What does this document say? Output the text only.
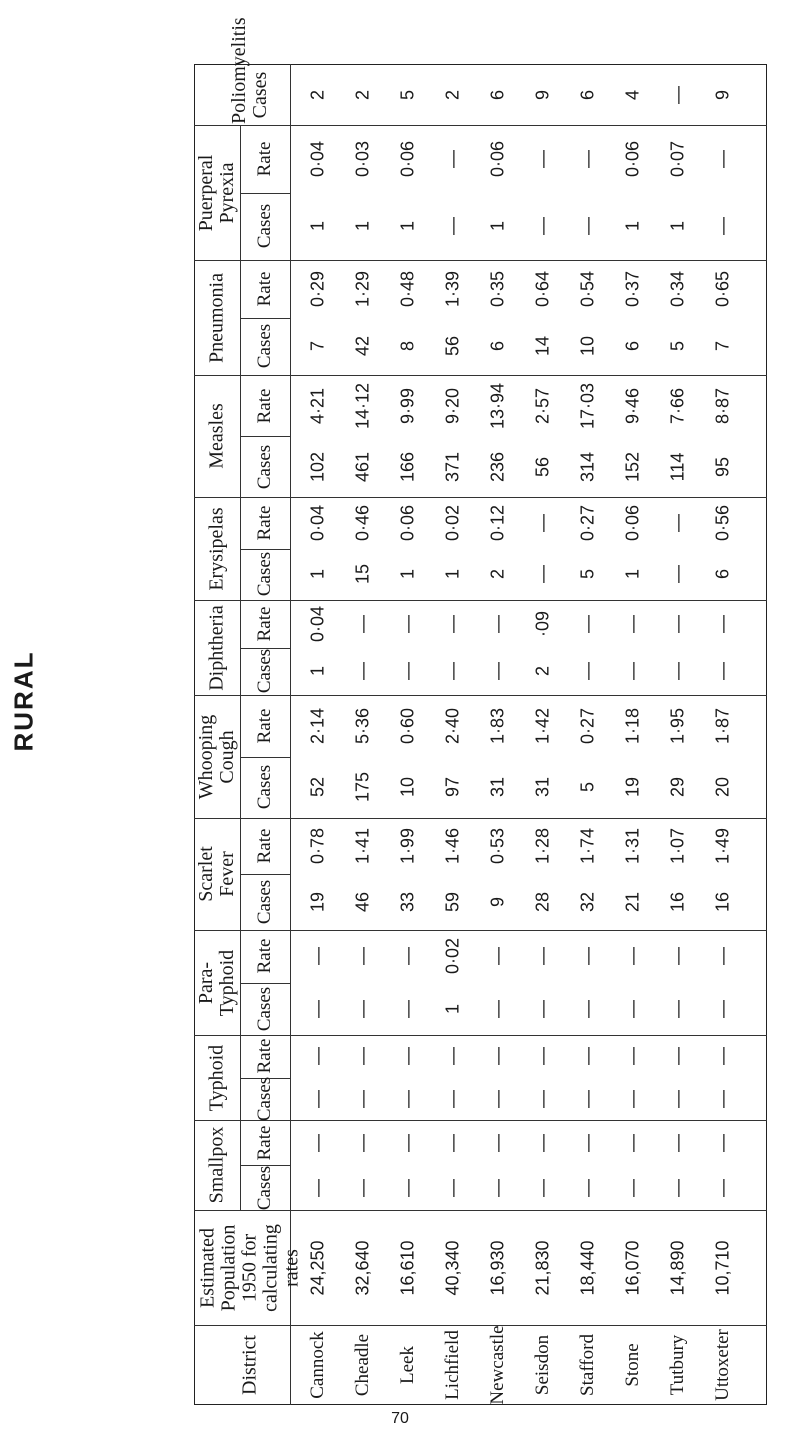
RURAL
Poliomyelitis Cases 2 2 5 2 6 9 6 4 — 9
Puerperal Pyrexia
Rate
Cases
0·04
1
0·03
1
0·06
1
—
—
0·06
1
—
—
—
—
0·06
1
0·07
1
—
—
Pneumonia Rate
Cases
0·29
7
1·29
42
0·48
8
1·39
56
0·35
6
0·64
14
0·54
10
0·37
6
0·34
5
0·65
7
Measles Rate
Cases
4·21
102
14·12
461
9·99
166
9·20
371
13·94
236
2·57
56
17·03
314
9·46
152
7·66
114
8·87
95
Erysipelas Rate
Cases
0·04
1
0·46
15
0·06
1
0·02
1
0·12
2
—
—
0·27
5
0·06
1
—
—
0·56
6
Diphtheria Rate
Cases
0·04
1
—
—
—
—
—
—
—
—
·09
2
—
—
—
—
—
—
—
—
Whooping Cough
Rate
Cases
2·14
52
5·36
175
0·60
10
2·40
97
1·83
31
1·42
31
0·27
5
1·18
19
1·95
29
1·87
20
Scarlet Fever
Rate
Cases
0·78
19
1·41
46
1·99
33
1·46
59
0·53
9
1·28
28
1·74
32
1·31
21
1·07
16
1·49
16
Para-Typhoid Rate
Cases
—
—
—
—
—
—
0·02
1
—
—
—
—
—
—
—
—
—
—
—
—
Typhoid Rate
Cases
—
—
—
—
—
—
—
—
—
—
—
—
—
—
—
—
—
—
—
—
Smallpox Rate
Cases
—
—
—
—
—
—
—
—
—
—
—
—
—
—
—
—
—
—
—
—
Estimated Population 1950 for calculating rates 24,250 32,640 16,610 40,340 16,930 21,830 18,440 16,070 14,890 10,710
District Cannock Cheadle Leek Lichfield Newcastle Seisdon Stafford Stone Tutbury Uttoxeter
70
